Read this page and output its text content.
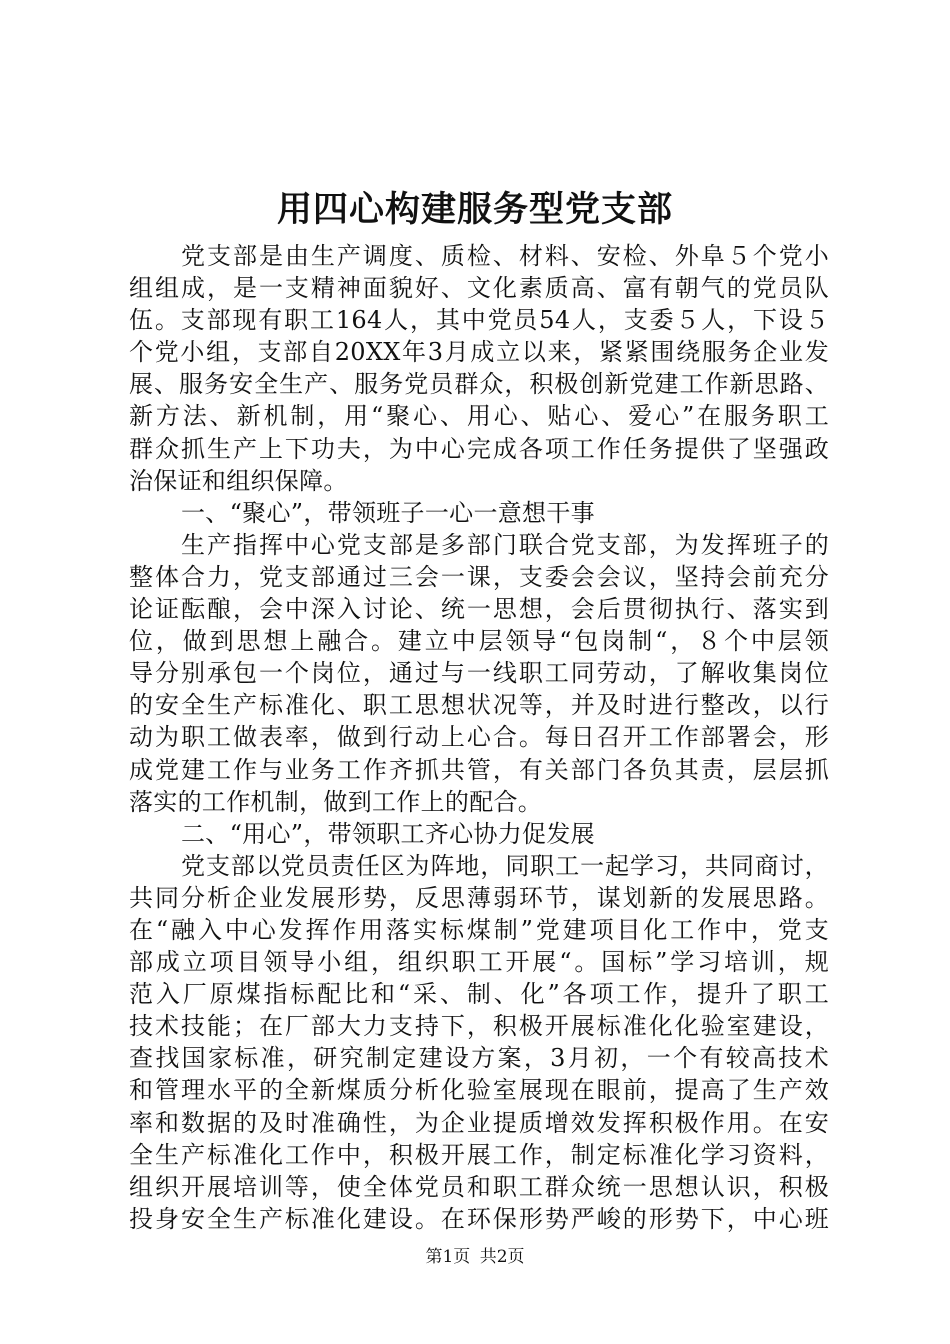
用四心构建服务型党支部
党支部是由生产调度、质检、材料、安检、外阜５个党小
组组成，是一支精神面貌好、文化素质高、富有朝气的党员队
伍。支部现有职工164人，其中党员54人，支委５人，下设５
个党小组，支部自20XX年3月成立以来，紧紧围绕服务企业发
展、服务安全生产、服务党员群众，积极创新党建工作新思路、
新方法、新机制，用“聚心、用心、贴心、爱心”在服务职工
群众抓生产上下功夫，为中心完成各项工作任务提供了坚强政
治保证和组织保障。
一、“聚心”，带领班子一心一意想干事
生产指挥中心党支部是多部门联合党支部，为发挥班子的
整体合力，党支部通过三会一课，支委会会议，坚持会前充分
论证酝酿，会中深入讨论、统一思想，会后贯彻执行、落实到
位，做到思想上融合。建立中层领导“包岗制“，８个中层领
导分别承包一个岗位，通过与一线职工同劳动，了解收集岗位
的安全生产标准化、职工思想状况等，并及时进行整改，以行
动为职工做表率，做到行动上心合。每日召开工作部署会，形
成党建工作与业务工作齐抓共管，有关部门各负其责，层层抓
落实的工作机制，做到工作上的配合。
二、“用心”，带领职工齐心协力促发展
党支部以党员责任区为阵地，同职工一起学习，共同商讨，
共同分析企业发展形势，反思薄弱环节，谋划新的发展思路。
在“融入中心发挥作用落实标煤制”党建项目化工作中，党支
部成立项目领导小组，组织职工开展“。国标”学习培训，规
范入厂原煤指标配比和“采、制、化”各项工作，提升了职工
技术技能；在厂部大力支持下，积极开展标准化化验室建设，
查找国家标准，研究制定建设方案，3月初，一个有较高技术
和管理水平的全新煤质分析化验室展现在眼前，提高了生产效
率和数据的及时准确性，为企业提质增效发挥积极作用。在安
全生产标准化工作中，积极开展工作，制定标准化学习资料，
组织开展培训等，使全体党员和职工群众统一思想认识，积极
投身安全生产标准化建设。在环保形势严峻的形势下，中心班
第1页 共2页
